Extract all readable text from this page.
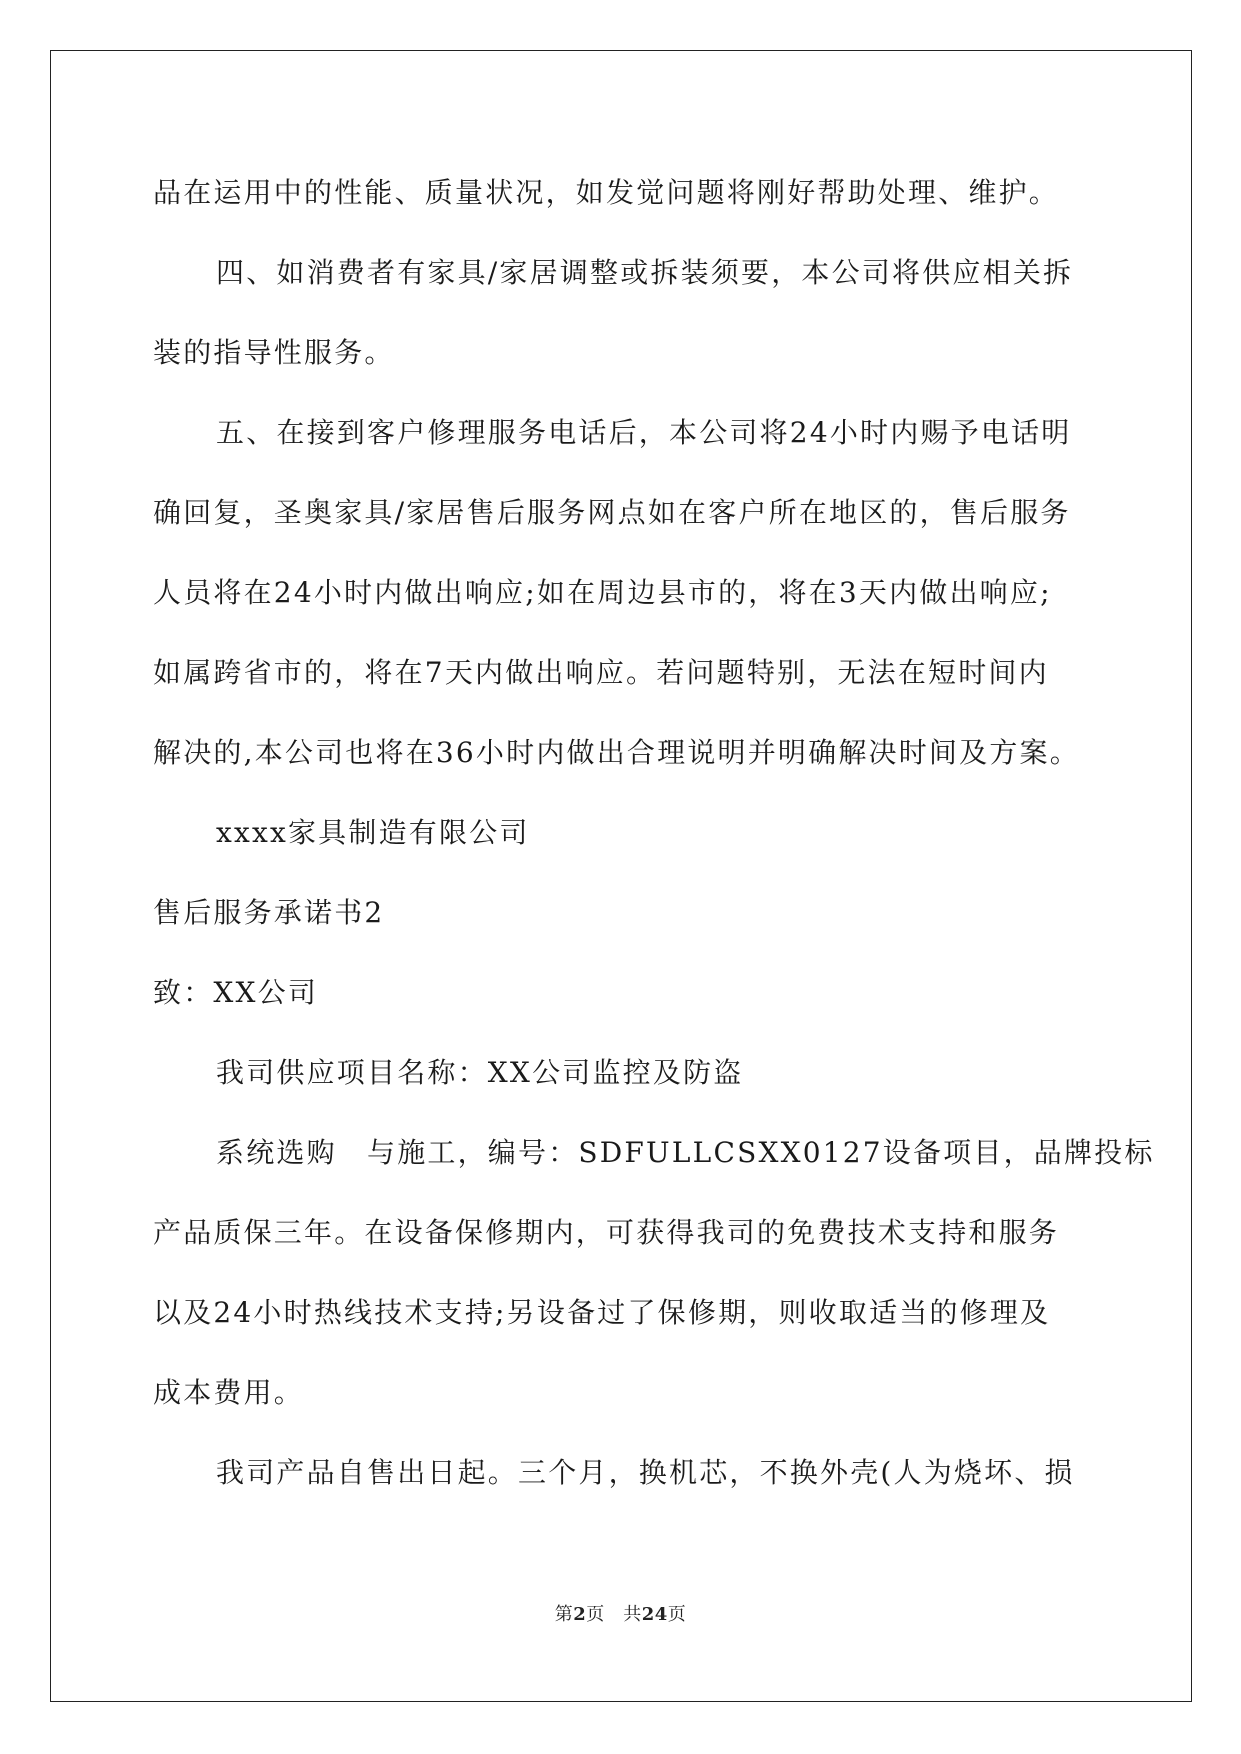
品在运用中的性能、质量状况，如发觉问题将刚好帮助处理、维护。
四、如消费者有家具/家居调整或拆装须要，本公司将供应相关拆
装的指导性服务。
五、在接到客户修理服务电话后，本公司将24小时内赐予电话明
确回复，圣奥家具/家居售后服务网点如在客户所在地区的，售后服务
人员将在24小时内做出响应;如在周边县市的，将在3天内做出响应;
如属跨省市的，将在7天内做出响应。若问题特别，无法在短时间内
解决的,本公司也将在36小时内做出合理说明并明确解决时间及方案。
xxxx家具制造有限公司
售后服务承诺书2
致：XX公司
我司供应项目名称：XX公司监控及防盗
系统选购　与施工，编号：SDFULLCSXX0127设备项目，品牌投标
产品质保三年。在设备保修期内，可获得我司的免费技术支持和服务
以及24小时热线技术支持;另设备过了保修期，则收取适当的修理及
成本费用。
我司产品自售出日起。三个月，换机芯，不换外壳(人为烧坏、损
第2页　共24页
